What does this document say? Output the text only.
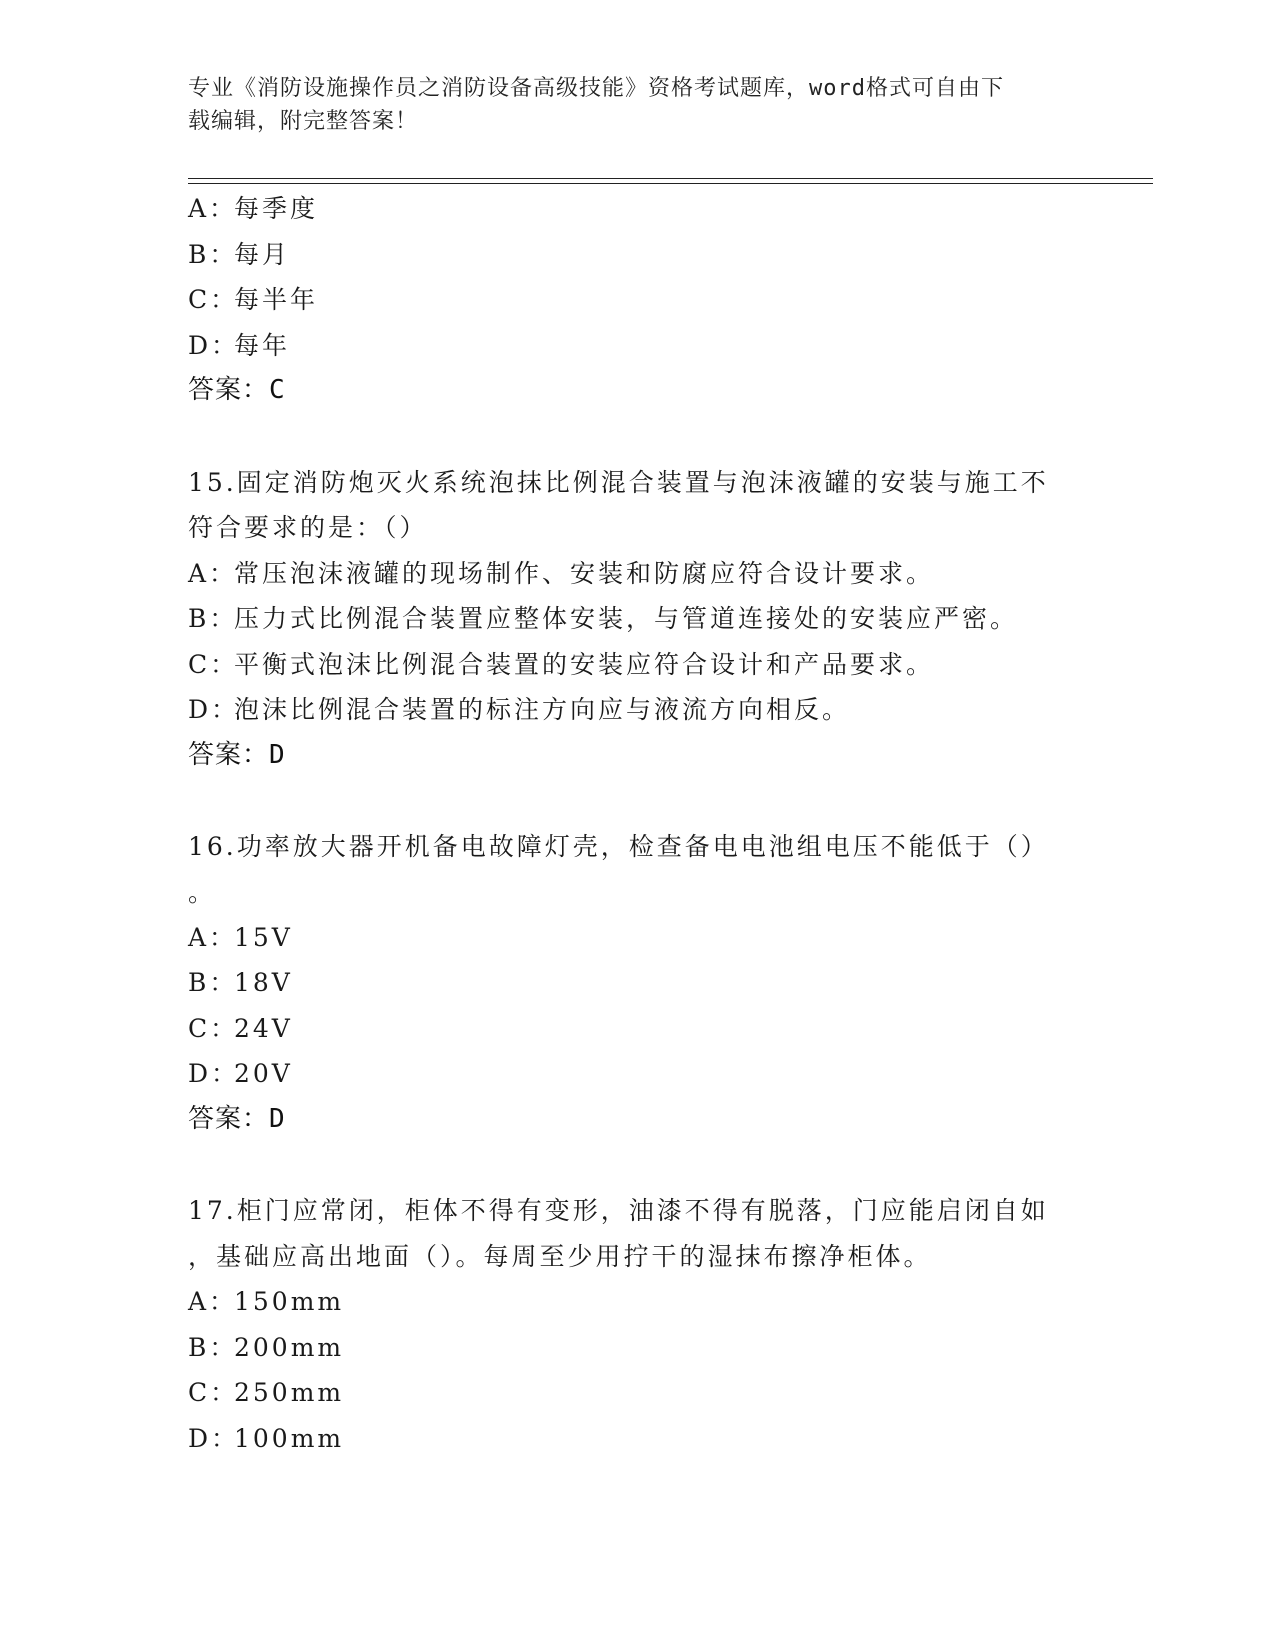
专业《消防设施操作员之消防设备高级技能》资格考试题库，word格式可自由下
载编辑，附完整答案！
A：每季度
B：每月
C：每半年
D：每年
答案：C
15.固定消防炮灭火系统泡抹比例混合装置与泡沫液罐的安装与施工不
符合要求的是：（）
A：常压泡沫液罐的现场制作、安装和防腐应符合设计要求。
B：压力式比例混合装置应整体安装，与管道连接处的安装应严密。
C：平衡式泡沫比例混合装置的安装应符合设计和产品要求。
D：泡沫比例混合装置的标注方向应与液流方向相反。
答案：D
16.功率放大器开机备电故障灯壳，检查备电电池组电压不能低于（）
。
A：15V
B：18V
C：24V
D：20V
答案：D
17.柜门应常闭，柜体不得有变形，油漆不得有脱落，门应能启闭自如
，基础应高出地面（）。每周至少用拧干的湿抹布擦净柜体。
A：150mm
B：200mm
C：250mm
D：100mm
